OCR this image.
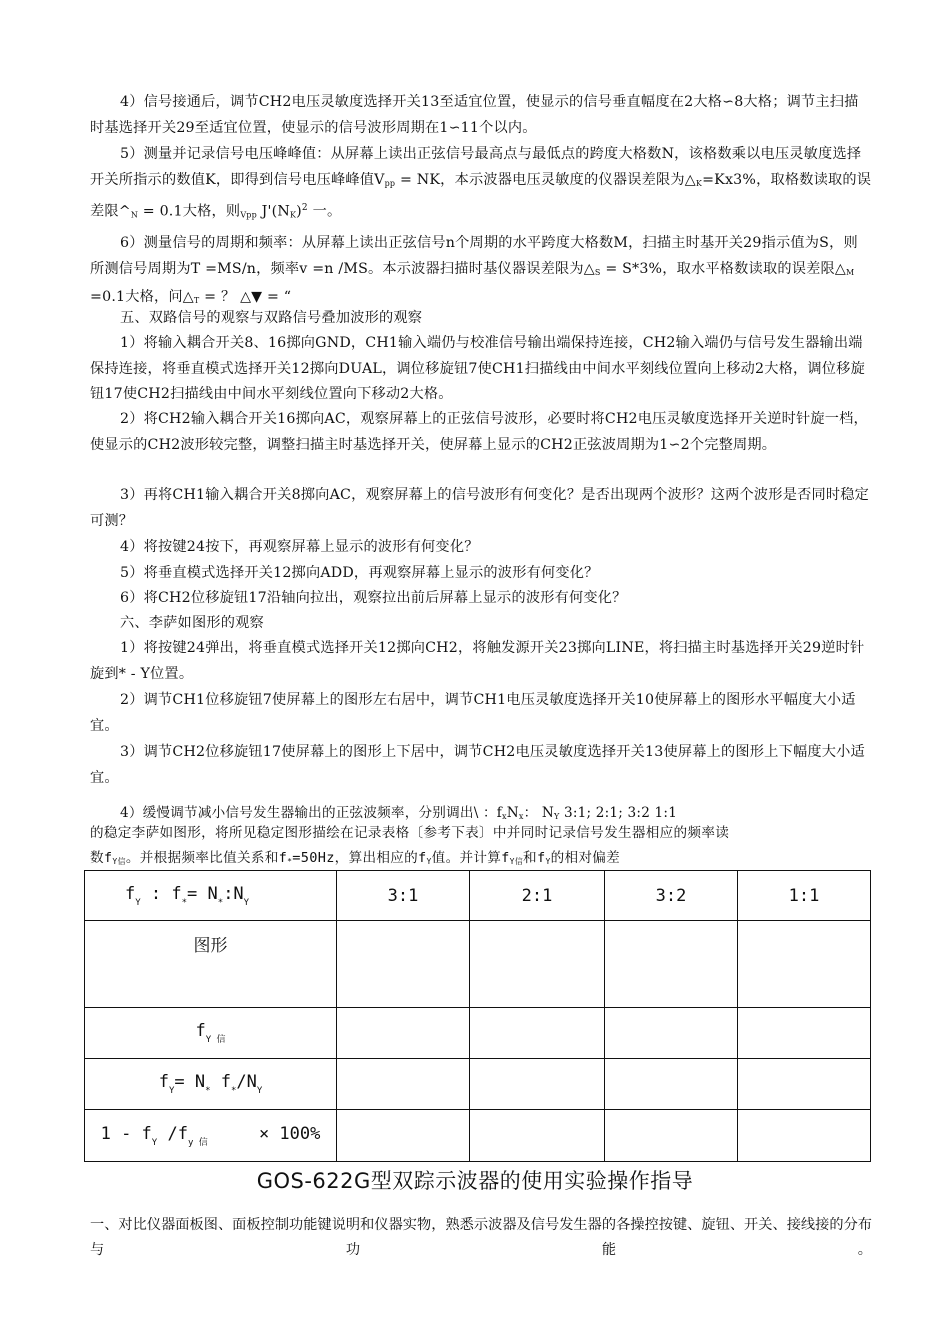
4）信号接通后，调节CH2电压灵敏度选择开关13至适宜位置，使显示的信号垂直幅度在2大格∽8大格；调节主扫描时基选择开关29至适宜位置，使显示的信号波形周期在1∽11个以内。

5）测量并记录信号电压峰峰值：从屏幕上读出正弦信号最高点与最低点的跨度大格数N，该格数乘以电压灵敏度选择开关所指示的数值K，即得到信号电压峰峰值$V_{pp}$ = NK，本示波器电压灵敏度的仪器误差限为$\triangle_K=Kx3\%$，取格数读取的误差限$\^{}_N = 0.1$大格，则$_{Vpp}$ $J'(N_K)^2$ 一。

6）测量信号的周期和频率：从屏幕上读出正弦信号n个周期的水平跨度大格数M，扫描主时基开关29指示值为S，则所测信号周期为T =MS/n，频率v =n /MS。本示波器扫描时基仪器误差限为$\triangle_S = S*3\%$，取水平格数读取的误差限$\triangle_M =0.1$大格，问$\triangle_T$ = ？ △▼ = “

五、双路信号的观察与双路信号叠加波形的观察

1）将输入耦合开关8、16掷向GND，CH1输入端仍与校准信号输出端保持连接，CH2输入端仍与信号发生器输出端保持连接，将垂直模式选择开关12掷向DUAL，调位移旋钮7使CH1扫描线由中间水平刻线位置向上移动2大格，调位移旋钮17使CH2扫描线由中间水平刻线位置向下移动2大格。

2）将CH2输入耦合开关16掷向AC，观察屏幕上的正弦信号波形，必要时将CH2电压灵敏度选择开关逆时针旋一档，使显示的CH2波形较完整，调整扫描主时基选择开关，使屏幕上显示的CH2正弦波周期为1∽2个完整周期。

3）再将CH1输入耦合开关8掷向AC，观察屏幕上的信号波形有何变化？是否出现两个波形？这两个波形是否同时稳定可测？

4）将按键24按下，再观察屏幕上显示的波形有何变化？

5）将垂直模式选择开关12掷向ADD，再观察屏幕上显示的波形有何变化？

6）将CH2位移旋钮17沿轴向拉出，观察拉出前后屏幕上显示的波形有何变化？

六、李萨如图形的观察

1）将按键24弹出，将垂直模式选择开关12掷向CH2，将触发源开关23掷向LINE，将扫描主时基选择开关29逆时针旋到* - Y位置。

2）调节CH1位移旋钮7使屏幕上的图形左右居中，调节CH1电压灵敏度选择开关10使屏幕上的图形水平幅度大小适宜。

3）调节CH2位移旋钮17使屏幕上的图形上下居中，调节CH2电压灵敏度选择开关13使屏幕上的图形上下幅度大小适宜。

4）缓慢调节减小信号发生器输出的正弦波频率，分别调出\ ：$f_xN_x$： $N_Y$ 3:1; 2:1; 3:2 1:1

的稳定李萨如图形，将所见稳定图形描绘在记录表格〔参考下表〕中并同时记录信号发生器相应的频率读

数$f_{Y信}$。并根据频率比值关系和$f_*=50Hz$，算出相应的$f_Y$值。并计算$f_{Y信}$和$f_Y$的相对偏差

$f_Y$ : $f_*=$ $N_*:N_Y$	3:1	2:1	3:2	1:1
图形				
$f_{Y 信}$				
$f_Y= N_*$ $f_*/N_Y$				
$1 - f_Y$ $/f_{y 信}$     × 100%				
GOS-622G型双踪示波器的使用实验操作指导

一、对比仪器面板图、面板控制功能键说明和仪器实物，熟悉示波器及信号发生器的各操控按键、旋钮、开关、接线接的分布与功能。
